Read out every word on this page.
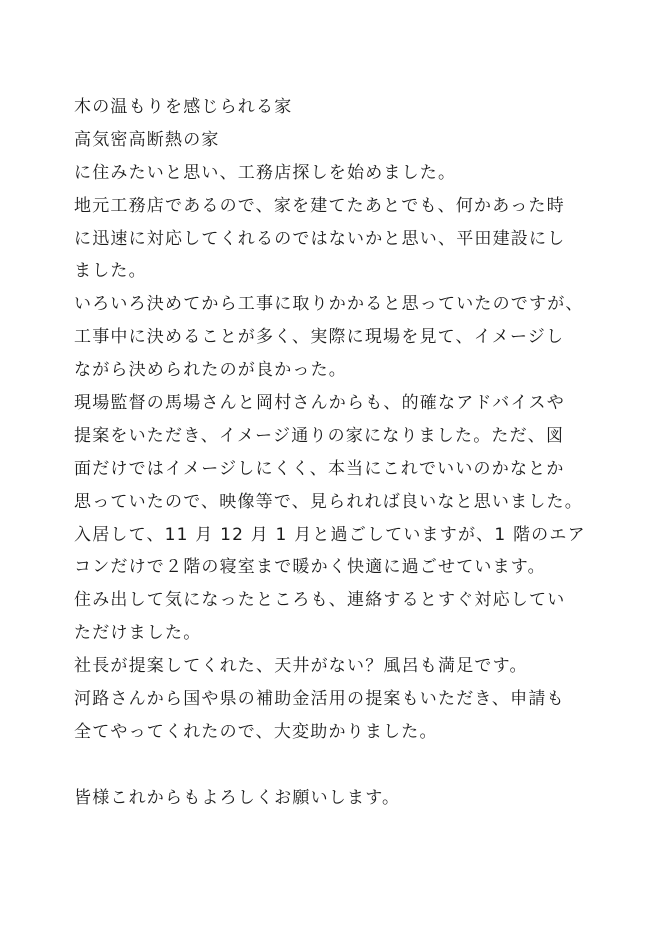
木の温もりを感じられる家
高気密高断熱の家
に住みたいと思い、工務店探しを始めました。
地元工務店であるので、家を建てたあとでも、何かあった時
に迅速に対応してくれるのではないかと思い、平田建設にし
ました。
いろいろ決めてから工事に取りかかると思っていたのですが、
工事中に決めることが多く、実際に現場を見て、イメージし
ながら決められたのが良かった。
現場監督の馬場さんと岡村さんからも、的確なアドバイスや
提案をいただき、イメージ通りの家になりました。ただ、図
面だけではイメージしにくく、本当にこれでいいのかなとか
思っていたので、映像等で、見られれば良いなと思いました。
入居して、11 月 12 月 1 月と過ごしていますが、1 階のエア
コンだけで２階の寝室まで暖かく快適に過ごせています。
住み出して気になったところも、連絡するとすぐ対応してい
ただけました。
社長が提案してくれた、天井がない？風呂も満足です。
河路さんから国や県の補助金活用の提案もいただき、申請も
全てやってくれたので、大変助かりました。
皆様これからもよろしくお願いします。
